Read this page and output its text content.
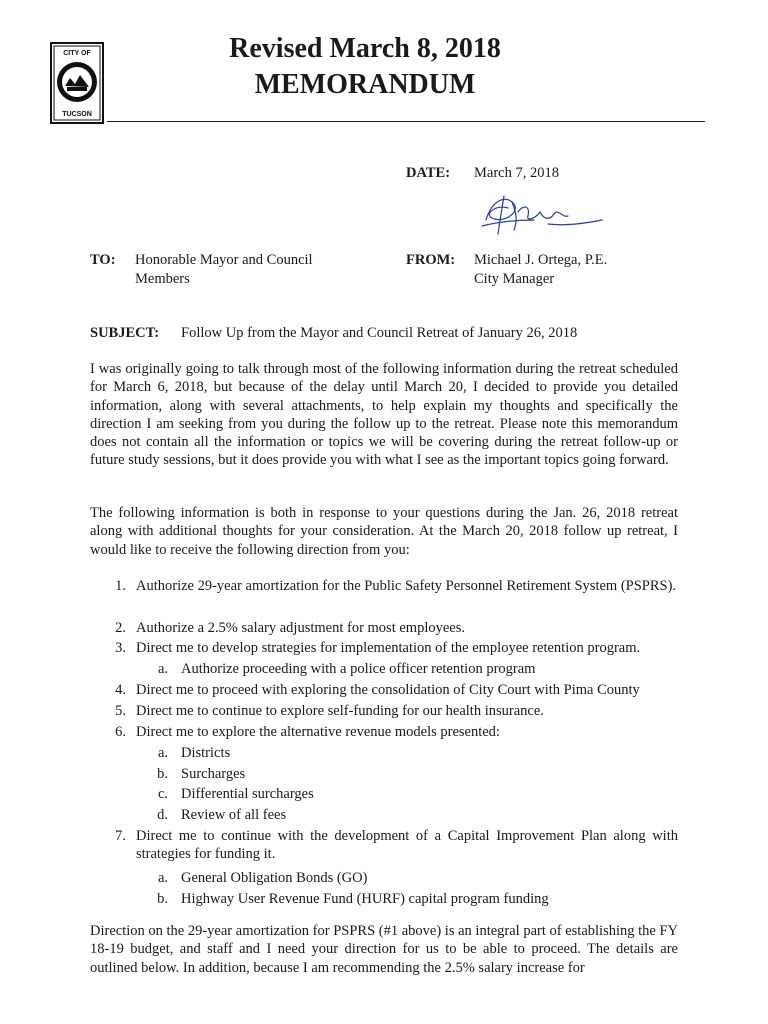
CITY OF
TUCSON
Revised March 8, 2018
MEMORANDUM
DATE: March 7, 2018
TO: Honorable Mayor and Council
Members
FROM: Michael J. Ortega, P.E.
City Manager
SUBJECT: Follow Up from the Mayor and Council Retreat of January 26, 2018

I was originally going to talk through most of the following information during the retreat scheduled for March 6, 2018, but because of the delay until March 20, I decided to provide you detailed information, along with several attachments, to help explain my thoughts and specifically the direction I am seeking from you during the follow up to the retreat. Please note this memorandum does not contain all the information or topics we will be covering during the retreat follow-up or future study sessions, but it does provide you with what I see as the important topics going forward.

The following information is both in response to your questions during the Jan. 26, 2018 retreat along with additional thoughts for your consideration. At the March 20, 2018 follow up retreat, I would like to receive the following direction from you:

1. Authorize 29-year amortization for the Public Safety Personnel Retirement System (PSPRS).
2. Authorize a 2.5% salary adjustment for most employees.
3. Direct me to develop strategies for implementation of the employee retention program.
a. Authorize proceeding with a police officer retention program
4. Direct me to proceed with exploring the consolidation of City Court with Pima County
5. Direct me to continue to explore self-funding for our health insurance.
6. Direct me to explore the alternative revenue models presented:
a. Districts
b. Surcharges
c. Differential surcharges
d. Review of all fees
7. Direct me to continue with the development of a Capital Improvement Plan along with strategies for funding it.
a. General Obligation Bonds (GO)
b. Highway User Revenue Fund (HURF) capital program funding

Direction on the 29-year amortization for PSPRS (#1 above) is an integral part of establishing the FY 18-19 budget, and staff and I need your direction for us to be able to proceed. The details are outlined below. In addition, because I am recommending the 2.5% salary increase for
